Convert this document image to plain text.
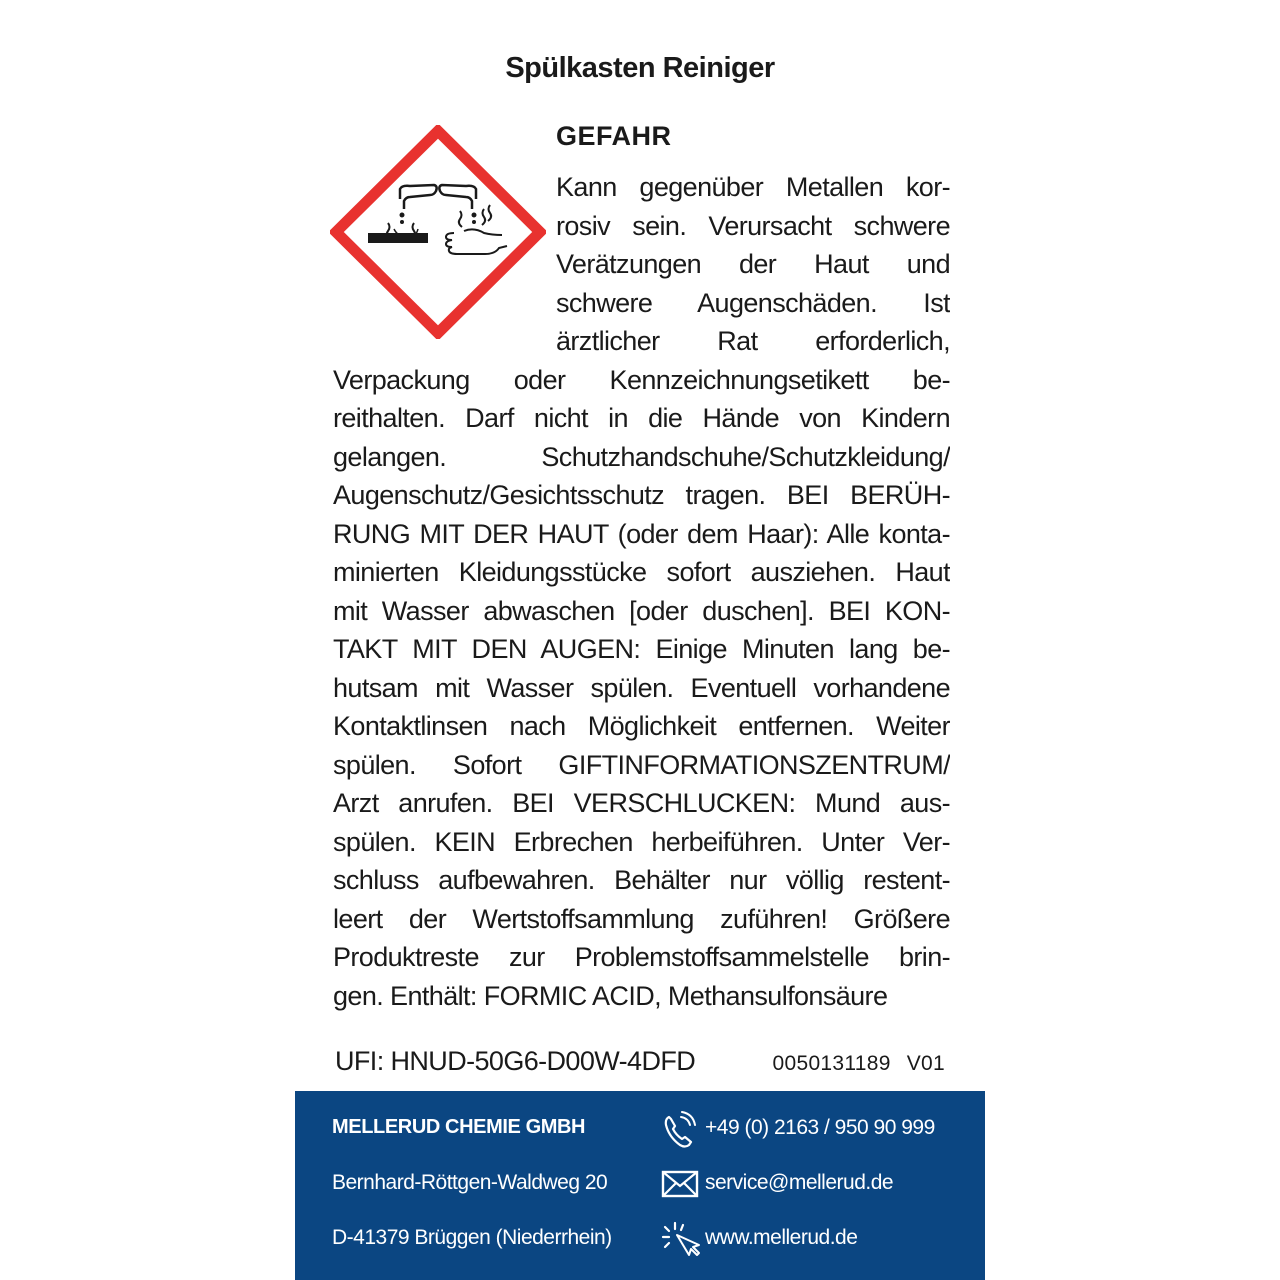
Spülkasten Reiniger
GEFAHR
Kann gegenüber Metallen kor-
rosiv sein. Verursacht schwere
Verätzungen der Haut und
schwere Augenschäden. Ist
ärztlicher Rat erforderlich,
Verpackung oder Kennzeichnungsetikett be-
reithalten. Darf nicht in die Hände von Kindern
gelangen. Schutzhandschuhe/Schutzkleidung/
Augenschutz/Gesichtsschutz tragen. BEI BERÜH-
RUNG MIT DER HAUT (oder dem Haar): Alle konta-
minierten Kleidungsstücke sofort ausziehen. Haut
mit Wasser abwaschen [oder duschen]. BEI KON-
TAKT MIT DEN AUGEN: Einige Minuten lang be-
hutsam mit Wasser spülen. Eventuell vorhandene
Kontaktlinsen nach Möglichkeit entfernen. Weiter
spülen. Sofort GIFTINFORMATIONSZENTRUM/
Arzt anrufen. BEI VERSCHLUCKEN: Mund aus-
spülen. KEIN Erbrechen herbeiführen. Unter Ver-
schluss aufbewahren. Behälter nur völlig restent-
leert der Wertstoffsammlung zuführen! Größere
Produktreste zur Problemstoffsammelstelle brin-
gen. Enthält: FORMIC ACID, Methansulfonsäure
UFI: HNUD-50G6-D00W-4DFD	0050131189 V01
MELLERUD CHEMIE GMBH
Bernhard-Röttgen-Waldweg 20
D-41379 Brüggen (Niederrhein)
+49 (0) 2163 / 950 90 999
service@mellerud.de
www.mellerud.de
